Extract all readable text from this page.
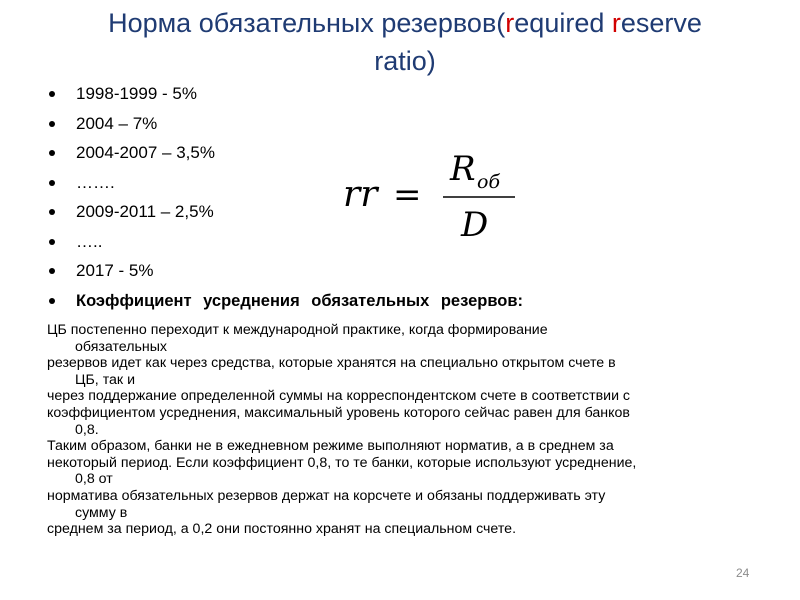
Норма обязательных резервов(required reserve
ratio)
1998-1999 - 5%
2004 – 7%
2004-2007 – 3,5%
…….
2009-2011 – 2,5%
…..
2017 - 5%
Коэффициент усреднения обязательных резервов:
rr =
R об
D
ЦБ постепенно переходит к международной практике, когда формирование
обязательных
резервов идет как через средства, которые хранятся на специально открытом счете в
ЦБ, так и
через поддержание определенной суммы на корреспондентском счете в соответствии с
коэффициентом усреднения, максимальный уровень которого сейчас равен для банков
0,8.
Таким образом, банки не в ежедневном режиме выполняют норматив, а в среднем за
некоторый период. Если коэффициент 0,8, то те банки, которые используют усреднение,
0,8 от
норматива обязательных резервов держат на корсчете и обязаны поддерживать эту
сумму в
среднем за период, а 0,2 они постоянно хранят на специальном счете.
24
